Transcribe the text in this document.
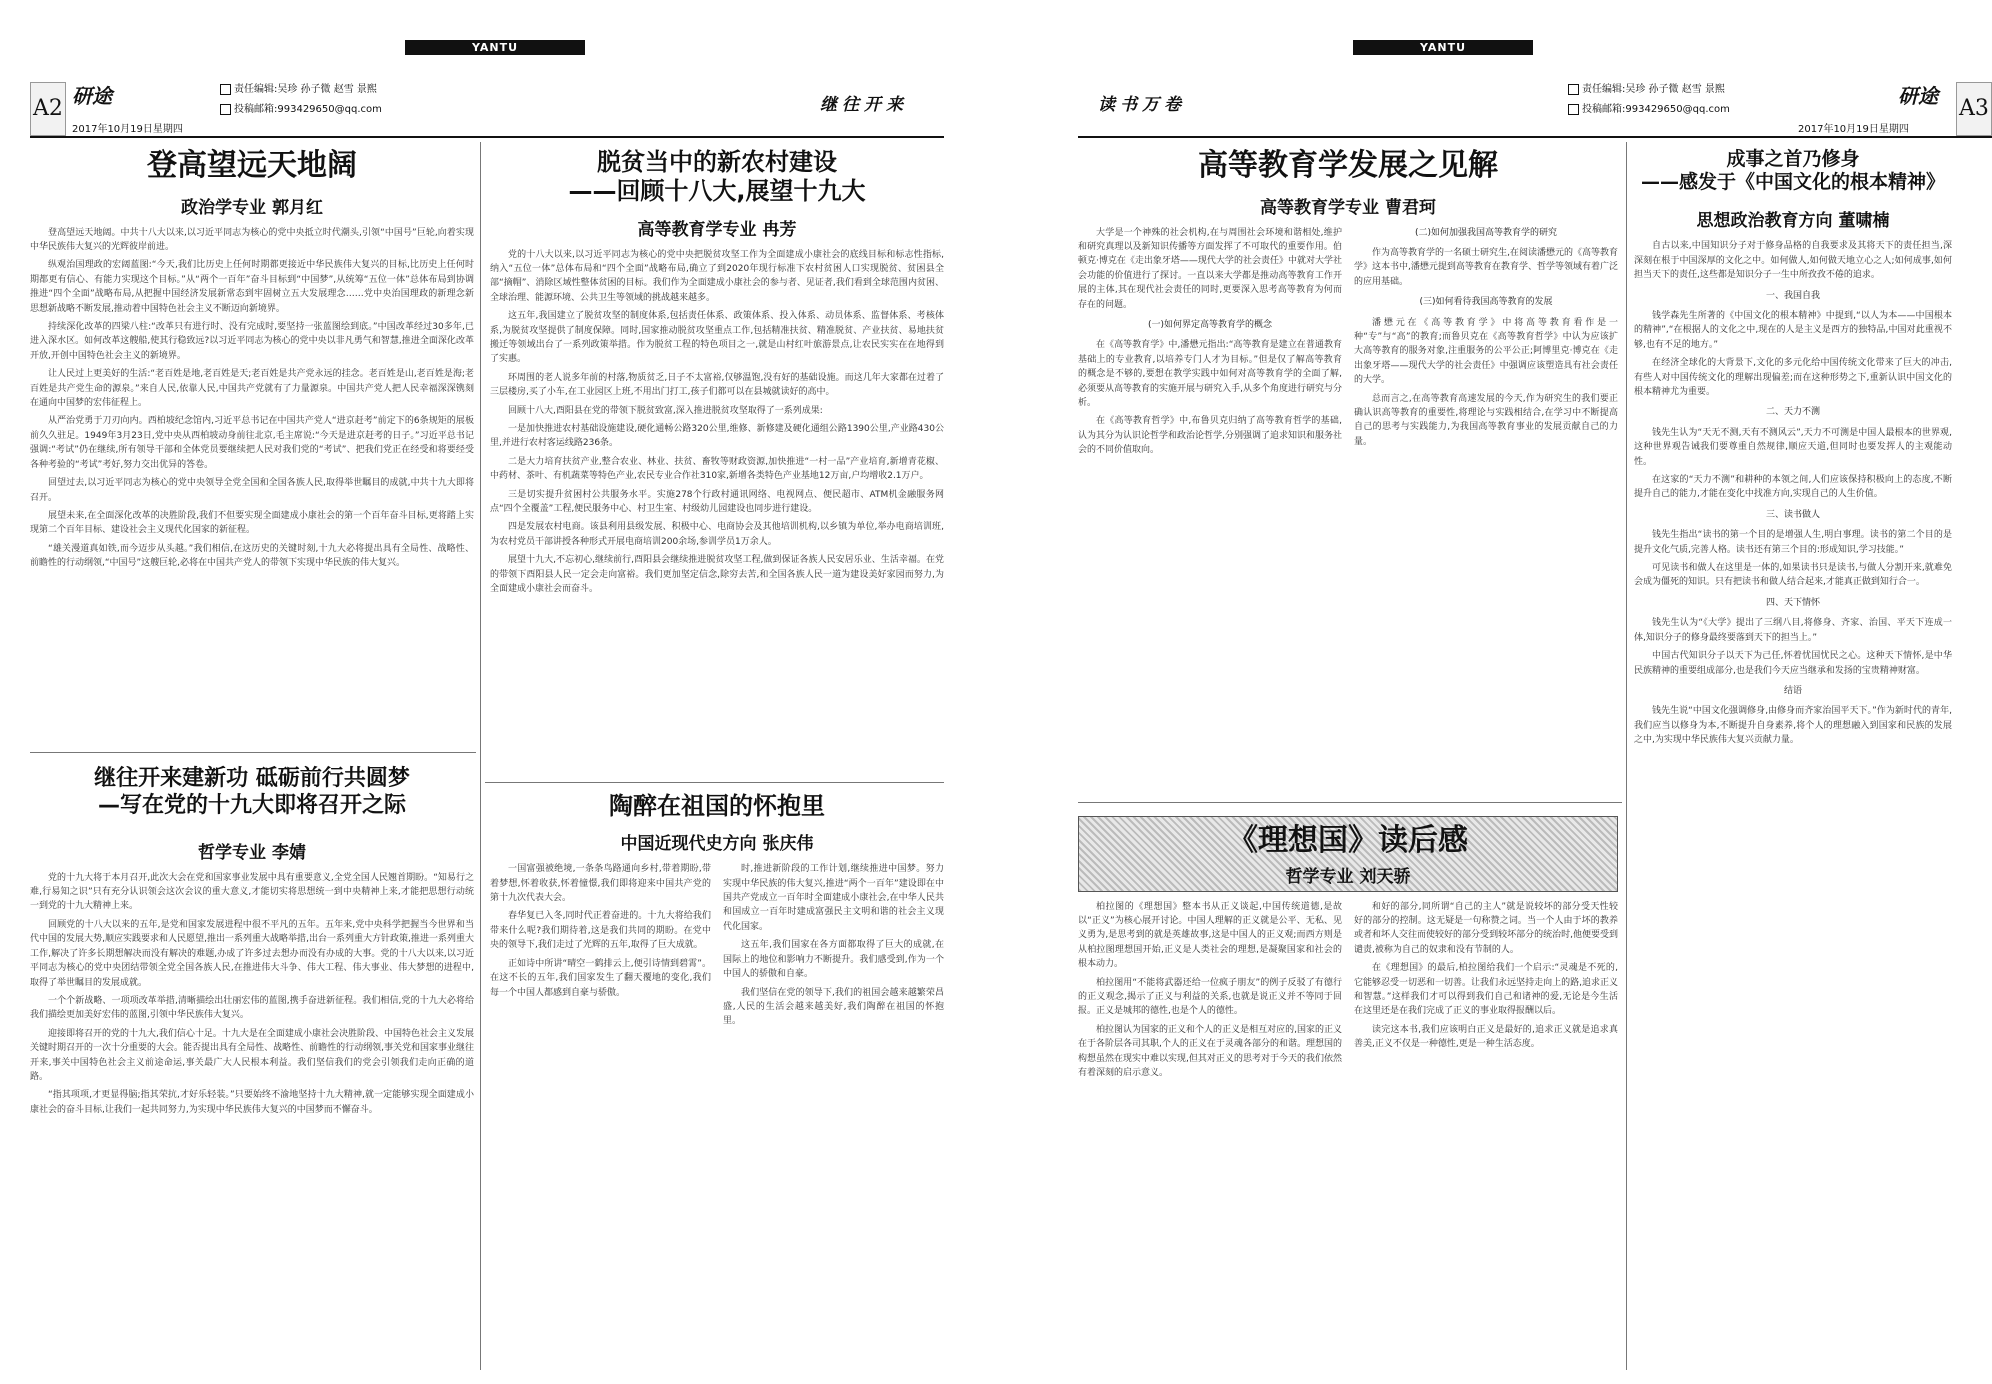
YANTU
A2 研途
2017年10月19日星期四
责任编辑:吴珍 孙子微 赵雪 景熙
投稿邮箱:993429650@qq.com	继往开来
登高望远天地阔
政治学专业 郭月红

登高望远天地阔。中共十八大以来,以习近平同志为核心的党中央抵立时代潮头,引领“中国号”巨轮,向着实现中华民族伟大复兴的光辉彼岸前进。

纵观治国理政的宏阔蓝图:“今天,我们比历史上任何时期都更接近中华民族伟大复兴的目标,比历史上任何时期都更有信心、有能力实现这个目标。”从“两个一百年”奋斗目标到“中国梦”,从统筹“五位一体”总体布局到协调推进“四个全面”战略布局,从把握中国经济发展新常态到牢固树立五大发展理念……党中央治国理政的新理念新思想新战略不断发展,推动着中国特色社会主义不断迈向新境界。

持续深化改革的四梁八柱:“改革只有进行时、没有完成时,要坚持一张蓝图绘到底。”中国改革经过30多年,已进入深水区。如何改革这艘船,使其行稳致远?以习近平同志为核心的党中央以非凡勇气和智慧,推进全面深化改革开放,开创中国特色社会主义的新境界。

让人民过上更美好的生活:“老百姓是地,老百姓是天;老百姓是共产党永远的挂念。老百姓是山,老百姓是海;老百姓是共产党生命的源泉。”来自人民,依靠人民,中国共产党就有了力量源泉。中国共产党人把人民幸福深深镌刻在通向中国梦的宏伟征程上。

从严治党勇于刀刃向内。西柏坡纪念馆内,习近平总书记在中国共产党人“进京赶考”前定下的6条规矩的展板前久久驻足。1949年3月23日,党中央从西柏坡动身前往北京,毛主席说:“今天是进京赶考的日子。”习近平总书记强调:“考试”仍在继续,所有领导干部和全体党员要继续把人民对我们党的“考试”、把我们党正在经受和将要经受各种考验的“考试”考好,努力交出优异的答卷。

回望过去,以习近平同志为核心的党中央领导全党全国和全国各族人民,取得举世瞩目的成就,中共十九大即将召开。

展望未来,在全面深化改革的决胜阶段,我们不但要实现全面建成小康社会的第一个百年奋斗目标,更将踏上实现第二个百年目标、建设社会主义现代化国家的新征程。

“雄关漫道真如铁,而今迈步从头越。”我们相信,在这历史的关键时刻,十九大必将提出具有全局性、战略性、前瞻性的行动纲领,“中国号”这艘巨轮,必将在中国共产党人的带领下实现中华民族的伟大复兴。

脱贫当中的新农村建设
——回顾十八大,展望十九大
高等教育学专业 冉芳

党的十八大以来,以习近平同志为核心的党中央把脱贫攻坚工作为全面建成小康社会的底线目标和标志性指标,纳入“五位一体”总体布局和“四个全面”战略布局,确立了到2020年现行标准下农村贫困人口实现脱贫、贫困县全部“摘帽”、消除区域性整体贫困的目标。我们作为全面建成小康社会的参与者、见证者,我们看到全球范围内贫困、全球治理、能源环境、公共卫生等领域的挑战越来越多。

这五年,我国建立了脱贫攻坚的制度体系,包括责任体系、政策体系、投入体系、动员体系、监督体系、考核体系,为脱贫攻坚提供了制度保障。同时,国家推动脱贫攻坚重点工作,包括精准扶贫、精准脱贫、产业扶贫、易地扶贫搬迁等领域出台了一系列政策举措。作为脱贫工程的特色项目之一,就是山村红叶旅游景点,让农民实实在在地得到了实惠。

环周围的老人说多年前的村落,物质贫乏,日子不太富裕,仅够温饱,没有好的基础设施。而这几年大家都在过着了三层楼房,买了小车,在工业园区上班,不用出门打工,孩子们都可以在县城就读好的高中。

回顾十八大,酉阳县在党的带领下脱贫致富,深入推进脱贫攻坚取得了一系列成果:

一是加快推进农村基础设施建设,硬化通畅公路320公里,维修、新修建及硬化通组公路1390公里,产业路430公里,并进行农村客运线路236条。

二是大力培育扶贫产业,整合农业、林业、扶贫、畜牧等财政资源,加快推进“一村一品”产业培育,新增青花椒、中药材、茶叶、有机蔬菜等特色产业,农民专业合作社310家,新增各类特色产业基地12万亩,户均增收2.1万户。

三是切实提升贫困村公共服务水平。实施278个行政村通讯网络、电视网点、便民超市、ATM机金融服务网点“四个全覆盖”工程,便民服务中心、村卫生室、村级幼儿园建设也同步进行建设。

四是发展农村电商。该县利用县级发展、积极中心、电商协会及其他培训机构,以乡镇为单位,举办电商培训班,为农村党员干部讲授各种形式开展电商培训200余场,参训学员1万余人。

展望十九大,不忘初心,继续前行,酉阳县会继续推进脱贫攻坚工程,做到保证各族人民安居乐业、生活幸福。在党的带领下酉阳县人民一定会走向富裕。我们更加坚定信念,除穷去苦,和全国各族人民一道为建设美好家园而努力,为全面建成小康社会而奋斗。

继往开来建新功 砥砺前行共圆梦
—写在党的十九大即将召开之际
哲学专业 李婧

党的十九大将于本月召开,此次大会在党和国家事业发展中具有重要意义,全党全国人民翘首期盼。“知易行之难,行易知之识”只有充分认识领会这次会议的重大意义,才能切实将思想统一到中央精神上来,才能把思想行动统一到党的十九大精神上来。

回顾党的十八大以来的五年,是党和国家发展进程中很不平凡的五年。五年来,党中央科学把握当今世界和当代中国的发展大势,顺应实践要求和人民愿望,推出一系列重大战略举措,出台一系列重大方针政策,推进一系列重大工作,解决了许多长期想解决而没有解决的难题,办成了许多过去想办而没有办成的大事。党的十八大以来,以习近平同志为核心的党中央团结带领全党全国各族人民,在推进伟大斗争、伟大工程、伟大事业、伟大梦想的进程中,取得了举世瞩目的发展成就。

一个个新战略、一项项改革举措,清晰描绘出壮丽宏伟的蓝图,携手奋进新征程。我们相信,党的十九大必将给我们描绘更加美好宏伟的蓝图,引领中华民族伟大复兴。

迎接即将召开的党的十九大,我们信心十足。十九大是在全面建成小康社会决胜阶段、中国特色社会主义发展关键时期召开的一次十分重要的大会。能否提出具有全局性、战略性、前瞻性的行动纲领,事关党和国家事业继往开来,事关中国特色社会主义前途命运,事关最广大人民根本利益。我们坚信我们的党会引领我们走向正确的道路。

“指其项项,才更显得脑;指其荣抗,才好乐轻装。”只要始终不渝地坚持十九大精神,就一定能够实现全面建成小康社会的奋斗目标,让我们一起共同努力,为实现中华民族伟大复兴的中国梦而不懈奋斗。

陶醉在祖国的怀抱里
中国近现代史方向 张庆伟

一国富强被绝境,一条条鸟路通向乡村,带着期盼,带着梦想,怀着收获,怀着憧憬,我们即将迎来中国共产党的第十九次代表大会。

春华复已入冬,同时代正着奋进的。十九大将给我们带来什么呢?我们期待着,这是我们共同的期盼。在党中央的领导下,我们走过了光辉的五年,取得了巨大成就。

正如诗中所讲“晴空一鹤排云上,便引诗情到碧霄”。在这不长的五年,我们国家发生了翻天覆地的变化,我们每一个中国人都感到自豪与骄傲。

时,推进新阶段的工作计划,继续推进中国梦。努力实现中华民族的伟大复兴,推进“两个一百年”建设即在中国共产党成立一百年时全面建成小康社会,在中华人民共和国成立一百年时建成富强民主文明和谐的社会主义现代化国家。

这五年,我们国家在各方面都取得了巨大的成就,在国际上的地位和影响力不断提升。我们感受到,作为一个中国人的骄傲和自豪。

我们坚信在党的领导下,我们的祖国会越来越繁荣昌盛,人民的生活会越来越美好,我们陶醉在祖国的怀抱里。

YANTU
读书万卷
责任编辑:吴珍 孙子微 赵雪 景熙
投稿邮箱:993429650@qq.com
研途
2017年10月19日星期四
A3
高等教育学发展之见解
高等教育学专业 曹君珂

大学是一个神殊的社会机构,在与周围社会环境和谐相处,维护和研究真理以及新知识传播等方面发挥了不可取代的重要作用。伯顿克·博克在《走出象牙塔——现代大学的社会责任》中就对大学社会功能的价值进行了探讨。一直以来大学都是推动高等教育工作开展的主体,其在现代社会责任的同时,更要深入思考高等教育为何而存在的问题。

(一)如何界定高等教育学的概念

在《高等教育学》中,潘懋元指出:“高等教育是建立在普通教育基础上的专业教育,以培养专门人才为目标。”但是仅了解高等教育的概念是不够的,要想在教学实践中如何对高等教育学的全面了解,必须要从高等教育的实施开展与研究入手,从多个角度进行研究与分析。

在《高等教育哲学》中,布鲁贝克归纳了高等教育哲学的基础,认为其分为认识论哲学和政治论哲学,分别强调了追求知识和服务社会的不同价值取向。

(二)如何加强我国高等教育学的研究

作为高等教育学的一名硕士研究生,在阅读潘懋元的《高等教育学》这本书中,潘懋元提到高等教育在教育学、哲学等领域有着广泛的应用基础。

(三)如何看待我国高等教育的发展

潘懋元在《高等教育学》中将高等教育看作是一种“专”与“高”的教育;而鲁贝克在《高等教育哲学》中认为应该扩大高等教育的服务对象,注重服务的公平公正;阿博里克·博克在《走出象牙塔——现代大学的社会责任》中强调应该塑造具有社会责任的大学。

总而言之,在高等教育高速发展的今天,作为研究生的我们要正确认识高等教育的重要性,将理论与实践相结合,在学习中不断提高自己的思考与实践能力,为我国高等教育事业的发展贡献自己的力量。

《理想国》读后感
哲学专业 刘天骄

柏拉图的《理想国》整本书从正义谈起,中国传统道德,是故以“正义”为核心展开讨论。中国人理解的正义就是公平、无私、见义勇为,是思考到的就是英雄故事,这是中国人的正义观;而西方则是从柏拉图理想国开始,正义是人类社会的理想,是凝聚国家和社会的根本动力。

柏拉图用“不能将武器还给一位疯子朋友”的例子反驳了有德行的正义观念,揭示了正义与利益的关系,也就是说正义并不等同于回报。正义是城邦的德性,也是个人的德性。

柏拉图认为国家的正义和个人的正义是相互对应的,国家的正义在于各阶层各司其职,个人的正义在于灵魂各部分的和谐。理想国的构想虽然在现实中难以实现,但其对正义的思考对于今天的我们依然有着深刻的启示意义。

和好的部分,同所谓“自己的主人”就是说较坏的部分受天性较好的部分的控制。这无疑是一句称赞之词。当一个人由于坏的教养或者和坏人交往而使较好的部分受到较坏部分的统治时,他便要受到谴责,被称为自己的奴隶和没有节制的人。

在《理想国》的最后,柏拉图给我们一个启示:“灵魂是不死的,它能够忍受一切恶和一切善。让我们永远坚持走向上的路,追求正义和智慧。”这样我们才可以得到我们自己和诸神的爱,无论是今生活在这里还是在我们完成了正义的事业取得报酬以后。

读完这本书,我们应该明白正义是最好的,追求正义就是追求真善美,正义不仅是一种德性,更是一种生活态度。

成事之首乃修身
——感发于《中国文化的根本精神》
思想政治教育方向 董啸楠

自古以来,中国知识分子对于修身品格的自我要求及其将天下的责任担当,深深刻在根于中国深厚的文化之中。如何做人,如何做天地立心之人;如何成事,如何担当天下的责任,这些都是知识分子一生中所孜孜不倦的追求。

一、我国自我

钱学森先生所著的《中国文化的根本精神》中提到,“以人为本——中国根本的精神”,“在根据人的文化之中,现在的人是主义是西方的独特品,中国对此重视不够,也有不足的地方。”

在经济全球化的大背景下,文化的多元化给中国传统文化带来了巨大的冲击,有些人对中国传统文化的理解出现偏差;而在这种形势之下,重新认识中国文化的根本精神尤为重要。

二、天力不测

钱先生认为“天无不测,天有不测风云”,天力不可测是中国人最根本的世界观,这种世界观告诫我们要尊重自然规律,顺应天道,但同时也要发挥人的主观能动性。

在这家的“天力不测”和耕种的本领之间,人们应该保持积极向上的态度,不断提升自己的能力,才能在变化中找准方向,实现自己的人生价值。

三、读书做人

钱先生指出“读书的第一个目的是增强人生,明白事理。读书的第二个目的是提升文化气质,完善人格。读书还有第三个目的:形成知识,学习技能。”

可见读书和做人在这里是一体的,如果读书只是读书,与做人分割开来,就难免会成为僵死的知识。只有把读书和做人结合起来,才能真正做到知行合一。

四、天下情怀

钱先生认为“《大学》提出了三纲八目,将修身、齐家、治国、平天下连成一体,知识分子的修身最终要落到天下的担当上。”

中国古代知识分子以天下为己任,怀着忧国忧民之心。这种天下情怀,是中华民族精神的重要组成部分,也是我们今天应当继承和发扬的宝贵精神财富。

结语

钱先生说“中国文化强调修身,由修身而齐家治国平天下。”作为新时代的青年,我们应当以修身为本,不断提升自身素养,将个人的理想融入到国家和民族的发展之中,为实现中华民族伟大复兴贡献力量。
